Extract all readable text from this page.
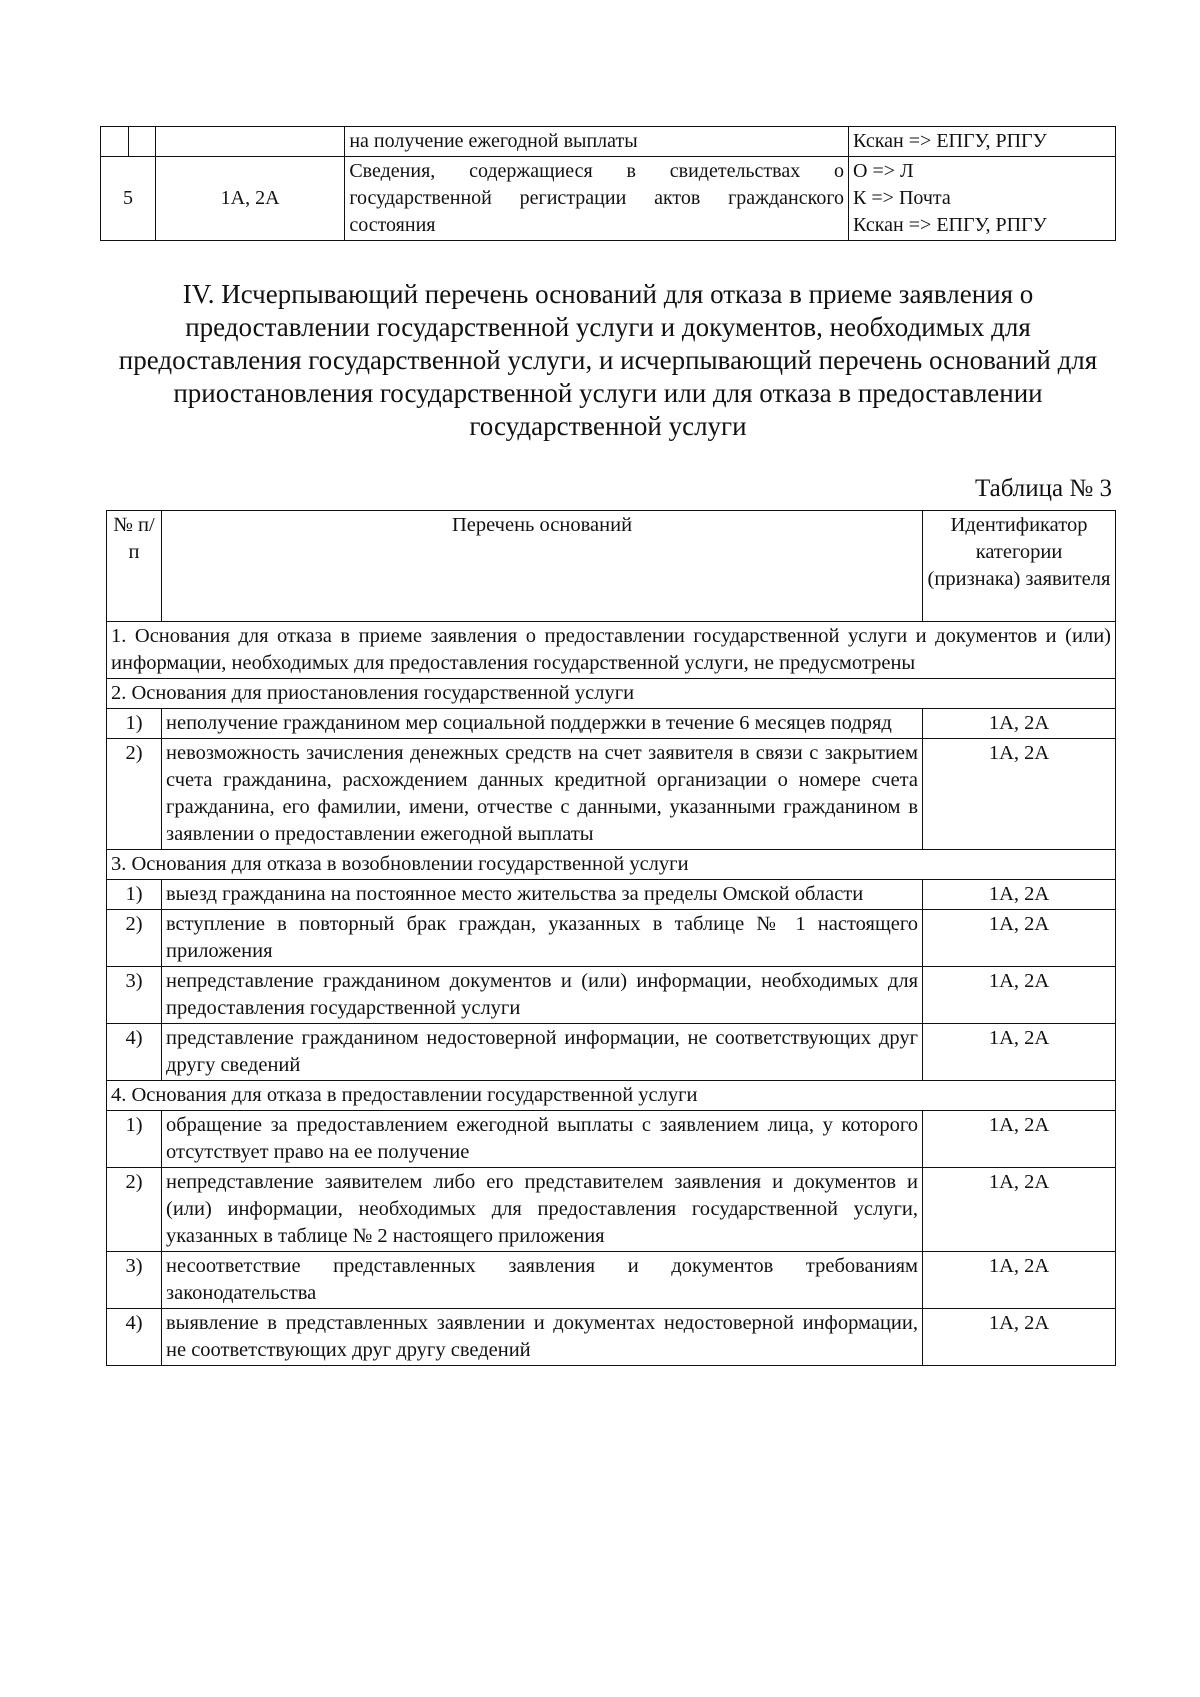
			на получение ежегодной выплаты	Кскан => ЕПГУ, РПГУ

5		1А, 2А	Сведения, содержащиеся в свидетельствах о государственной регистрации актов гражданского состояния	О => Л
К => Почта
Кскан => ЕПГУ, РПГУ
IV. Исчерпывающий перечень оснований для отказа в приеме заявления о предоставлении государственной услуги и документов, необходимых для предоставления государственной услуги, и исчерпывающий перечень оснований для приостановления государственной услуги или для отказа в предоставлении государственной услуги
Таблица № 3
№ п/п	Перечень оснований	Идентификатор категории (признака) заявителя
1. Основания для отказа в приеме заявления о предоставлении государственной услуги и документов и (или) информации, необходимых для предоставления государственной услуги, не предусмотрены		
2. Основания для приостановления государственной услуги		
1)	неполучение гражданином мер социальной поддержки в течение 6 месяцев подряд	1А, 2А
2)	невозможность зачисления денежных средств на счет заявителя в связи с закрытием счета гражданина, расхождением данных кредитной организации о номере счета гражданина, его фамилии, имени, отчестве с данными, указанными гражданином в заявлении о предоставлении ежегодной выплаты	1А, 2А
3. Основания для отказа в возобновлении государственной услуги		
1)	выезд гражданина на постоянное место жительства за пределы Омской области	1А, 2А
2)	вступление в повторный брак граждан, указанных в таблице № 1 настоящего приложения	1А, 2А
3)	непредставление гражданином документов и (или) информации, необходимых для предоставления государственной услуги	1А, 2А
4)	представление гражданином недостоверной информации, не соответствующих друг другу сведений	1А, 2А
4. Основания для отказа в предоставлении государственной услуги		
1)	обращение за предоставлением ежегодной выплаты с заявлением лица, у которого отсутствует право на ее получение	1А, 2А
2)	непредставление заявителем либо его представителем заявления и документов и (или) информации, необходимых для предоставления государственной услуги, указанных в таблице № 2 настоящего приложения	1А, 2А
3)	несоответствие представленных заявления и документов требованиям законодательства	1А, 2А
4)	выявление в представленных заявлении и документах недостоверной информации, не соответствующих друг другу сведений	1А, 2А
